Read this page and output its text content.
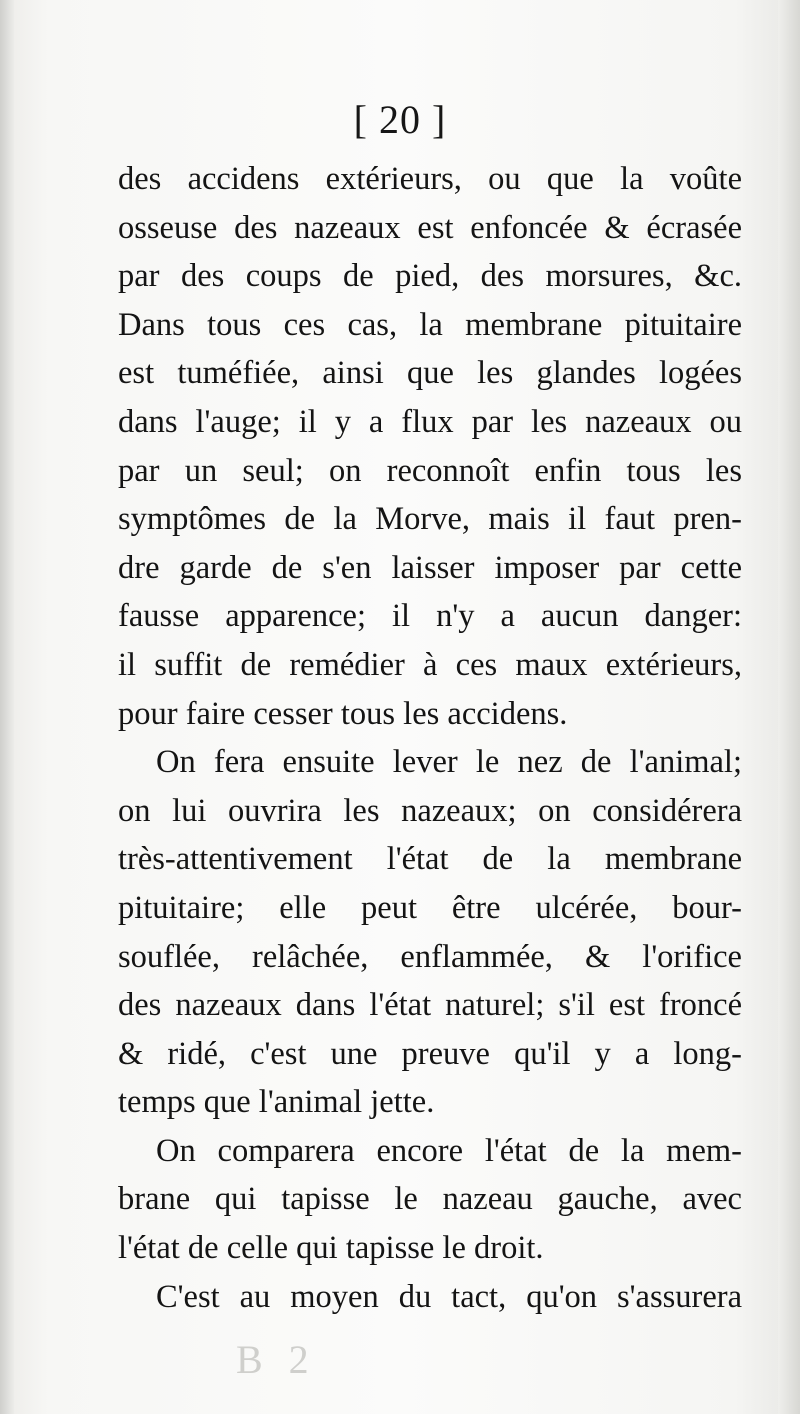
[ 20 ]
des accidens extérieurs, ou que la voûte
osseuse des nazeaux est enfoncée & écrasée
par des coups de pied, des morsures, &c.
Dans tous ces cas, la membrane pituitaire
est tuméfiée, ainsi que les glandes logées
dans l'auge; il y a flux par les nazeaux ou
par un seul; on reconnoît enfin tous les
symptômes de la Morve, mais il faut pren-
dre garde de s'en laisser imposer par cette
fausse apparence; il n'y a aucun danger:
il suffit de remédier à ces maux extérieurs,
pour faire cesser tous les accidens.
On fera ensuite lever le nez de l'animal;
on lui ouvrira les nazeaux; on considérera
très-attentivement l'état de la membrane
pituitaire; elle peut être ulcérée, bour-
souflée, relâchée, enflammée, & l'orifice
des nazeaux dans l'état naturel; s'il est froncé
& ridé, c'est une preuve qu'il y a long-
temps que l'animal jette.
On comparera encore l'état de la mem-
brane qui tapisse le nazeau gauche, avec
l'état de celle qui tapisse le droit.
C'est au moyen du tact, qu'on s'assurera
B 2
